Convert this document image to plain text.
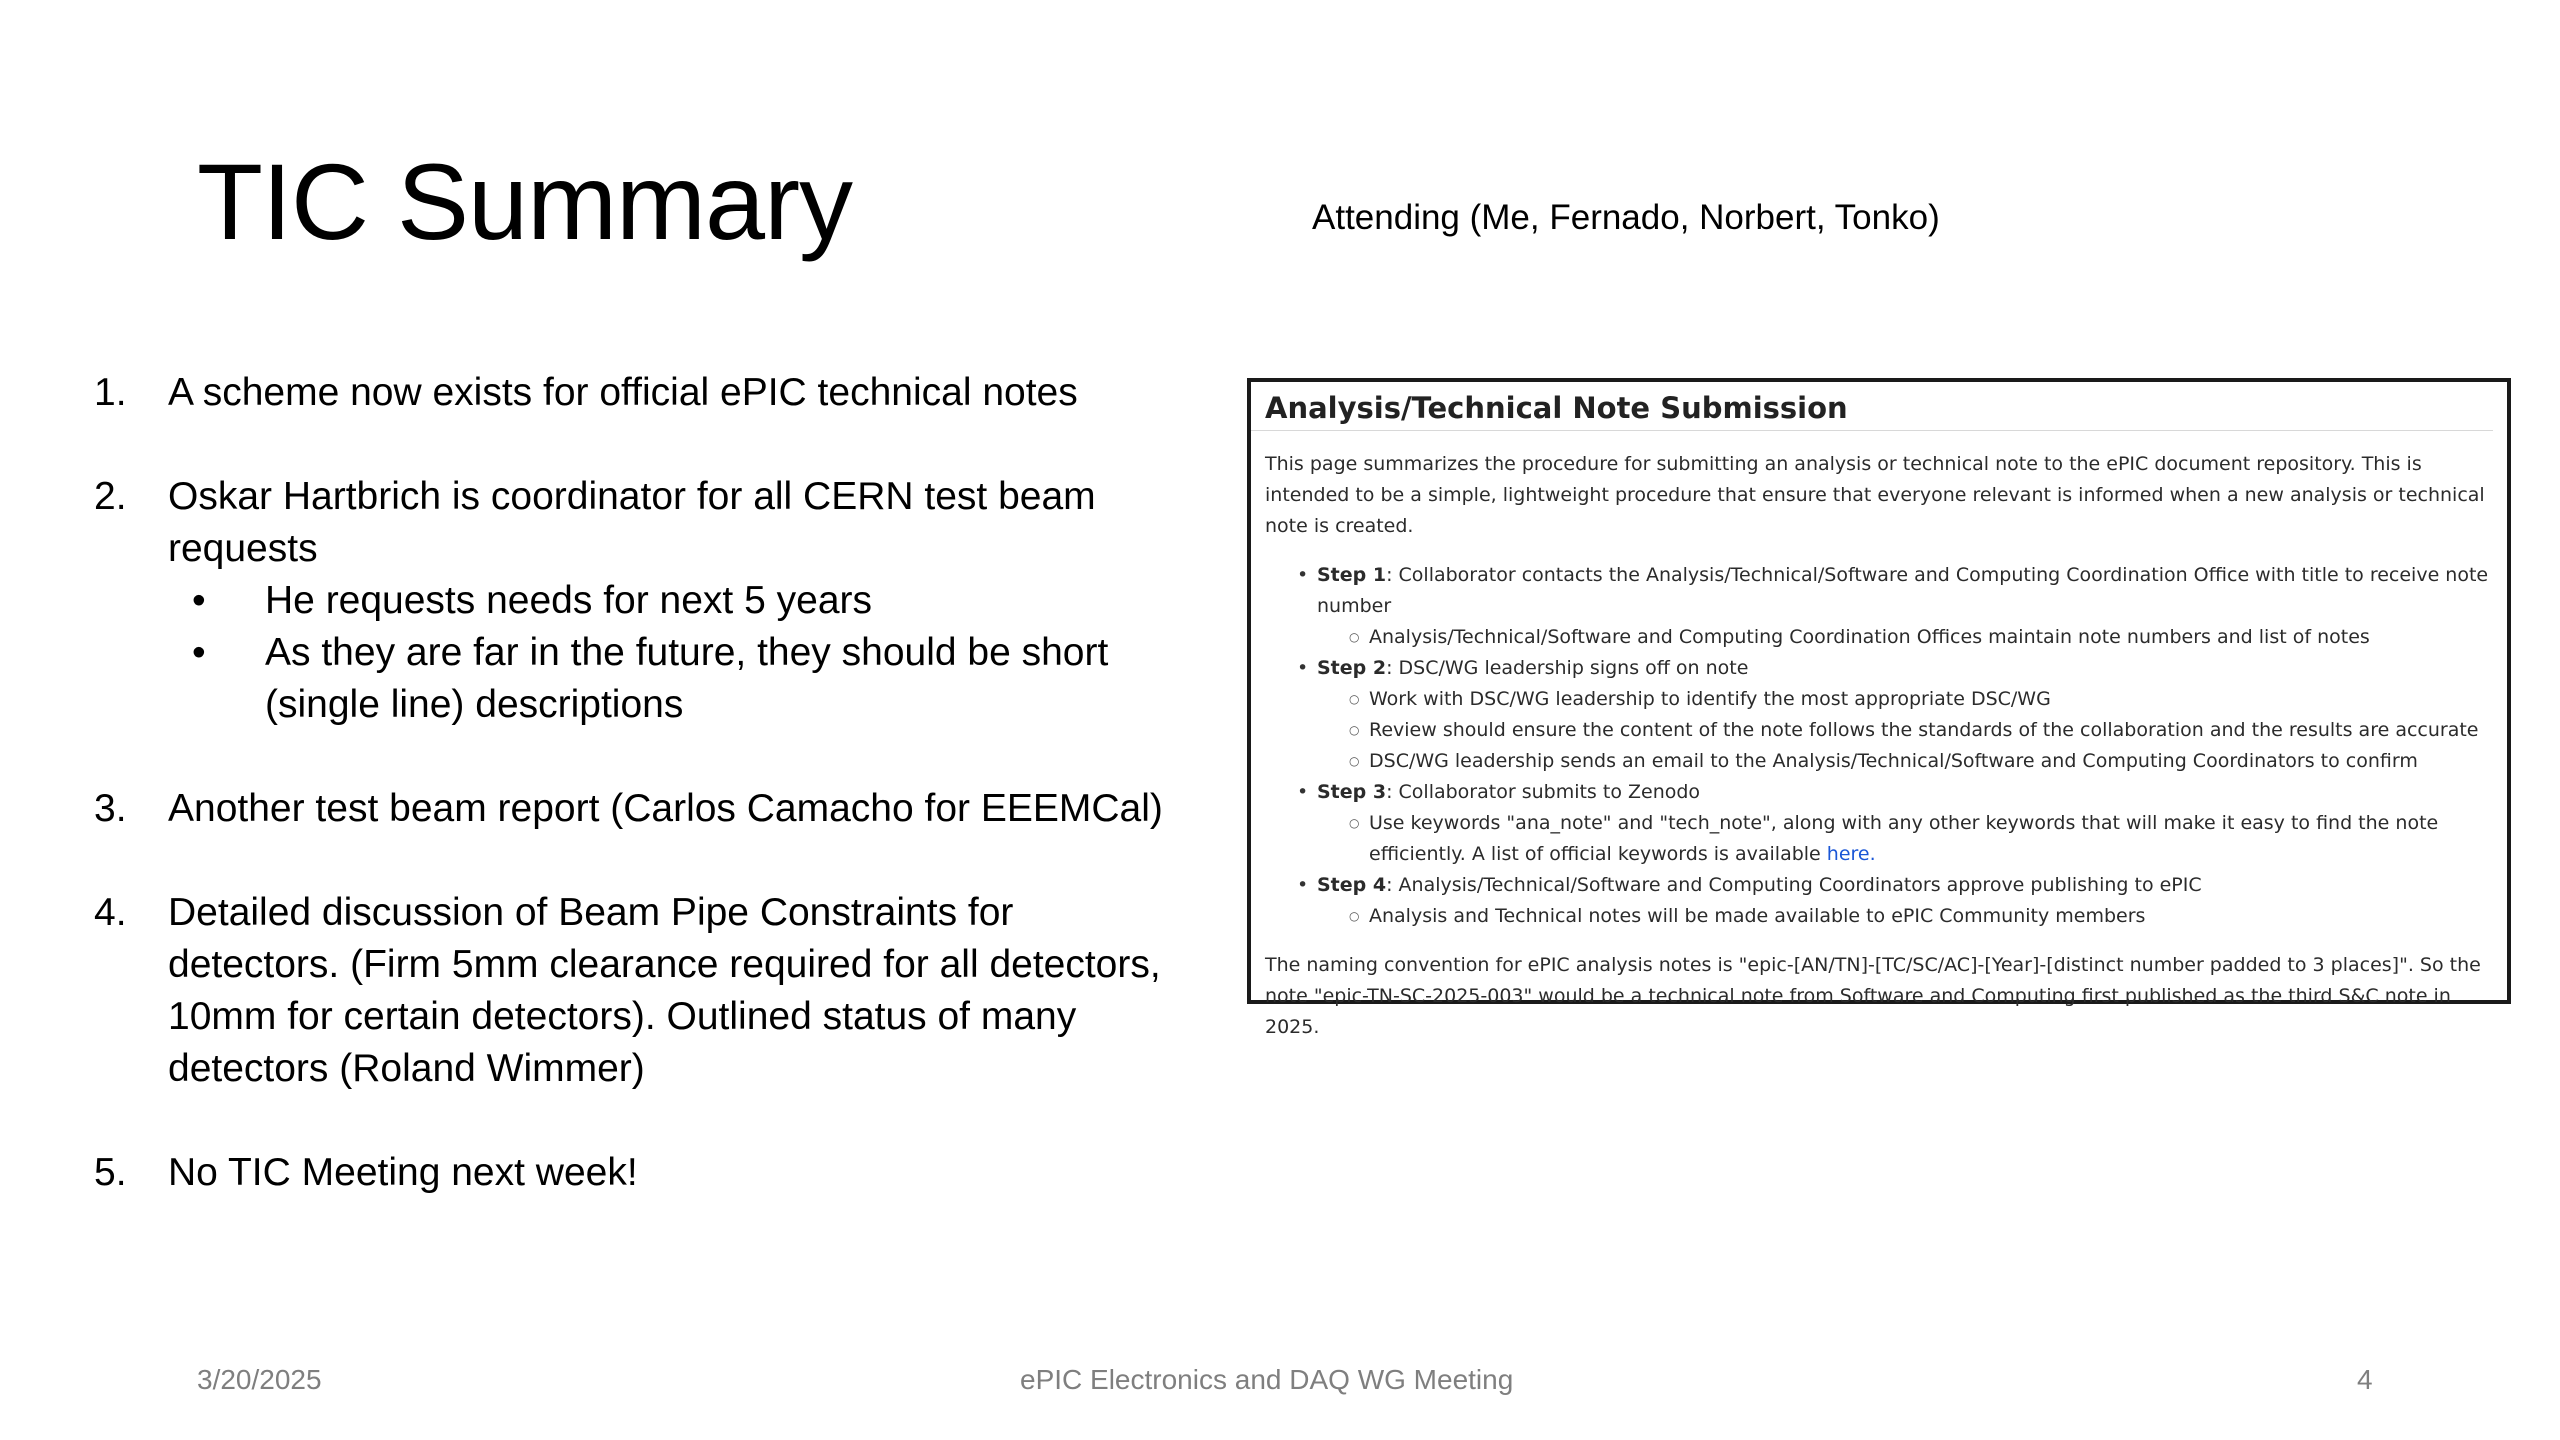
TIC Summary	Attending (Me, Fernado, Norbert, Tonko)
1. A scheme now exists for official ePIC technical notes
2. Oskar Hartbrich is coordinator for all CERN test beam requests
• He requests needs for next 5 years
• As they are far in the future, they should be short (single line) descriptions
3. Another test beam report (Carlos Camacho for EEEMCal)
4. Detailed discussion of Beam Pipe Constraints for detectors. (Firm 5mm clearance required for all detectors, 10mm for certain detectors). Outlined status of many detectors (Roland Wimmer)
5. No TIC Meeting next week!
Analysis/Technical Note Submission
This page summarizes the procedure for submitting an analysis or technical note to the ePIC document repository. This is intended to be a simple, lightweight procedure that ensure that everyone relevant is informed when a new analysis or technical note is created.
• Step 1: Collaborator contacts the Analysis/Technical/Software and Computing Coordination Office with title to receive note number
○ Analysis/Technical/Software and Computing Coordination Offices maintain note numbers and list of notes
• Step 2: DSC/WG leadership signs off on note
○ Work with DSC/WG leadership to identify the most appropriate DSC/WG
○ Review should ensure the content of the note follows the standards of the collaboration and the results are accurate
○ DSC/WG leadership sends an email to the Analysis/Technical/Software and Computing Coordinators to confirm
• Step 3: Collaborator submits to Zenodo
○ Use keywords "ana_note" and "tech_note", along with any other keywords that will make it easy to find the note efficiently. A list of official keywords is available here.
• Step 4: Analysis/Technical/Software and Computing Coordinators approve publishing to ePIC
○ Analysis and Technical notes will be made available to ePIC Community members
The naming convention for ePIC analysis notes is "epic-[AN/TN]-[TC/SC/AC]-[Year]-[distinct number padded to 3 places]". So the note "epic-TN-SC-2025-003" would be a technical note from Software and Computing first published as the third S&C note in 2025.
3/20/2025	ePIC Electronics and DAQ WG Meeting	4
